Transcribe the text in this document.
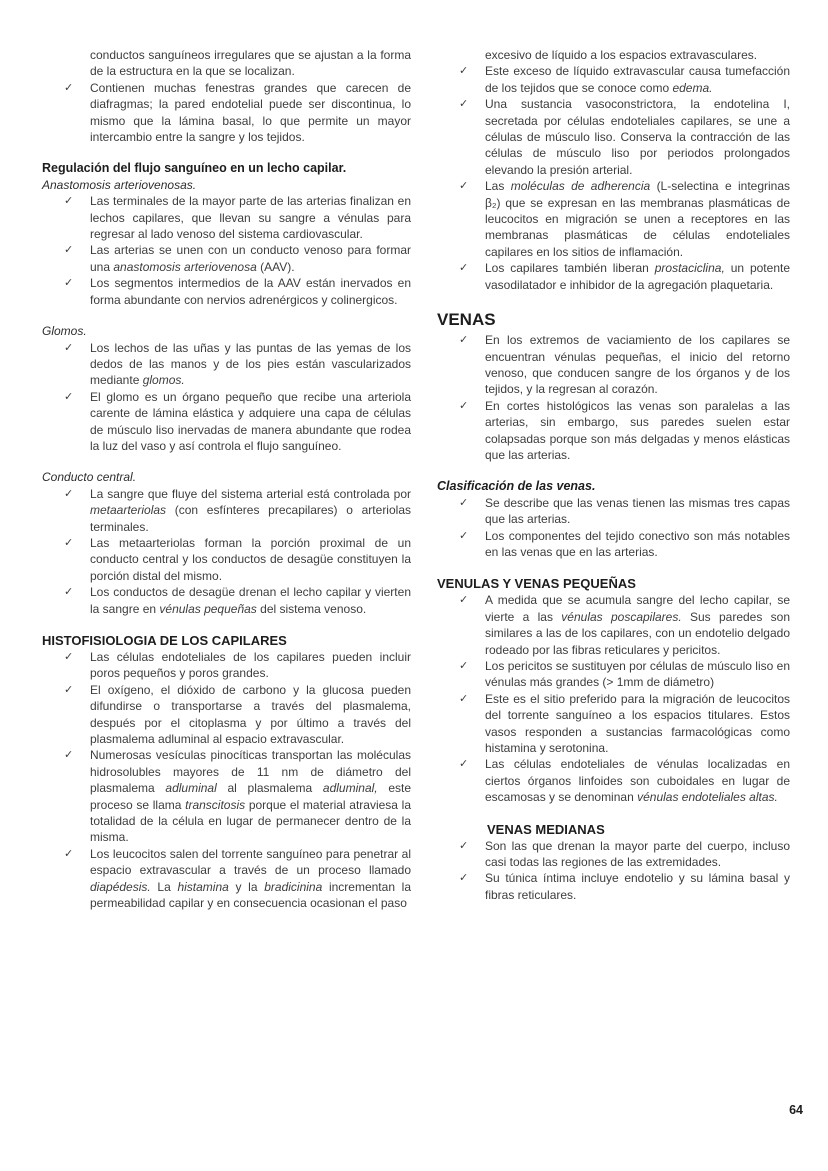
conductos sanguíneos irregulares que se ajustan a la forma de la estructura en la que se localizan.

✓ Contienen muchas fenestras grandes que carecen de diafragmas; la pared endotelial puede ser discontinua, lo mismo que la lámina basal, lo que permite un mayor intercambio entre la sangre y los tejidos.

Regulación del flujo sanguíneo en un lecho capilar.
Anastomosis arteriovenosas.
✓ Las terminales de la mayor parte de las arterias finalizan en lechos capilares, que llevan su sangre a vénulas para regresar al lado venoso del sistema cardiovascular.

✓ Las arterias se unen con un conducto venoso para formar una anastomosis arteriovenosa (AAV).

✓ Los segmentos intermedios de la AAV están inervados en forma abundante con nervios adrenérgicos y colinergicos.

Glomos.
✓ Los lechos de las uñas y las puntas de las yemas de los dedos de las manos y de los pies están vascularizados mediante glomos.

✓ El glomo es un órgano pequeño que recibe una arteriola carente de lámina elástica y adquiere una capa de células de músculo liso inervadas de manera abundante que rodea la luz del vaso y así controla el flujo sanguíneo.

Conducto central.
✓ La sangre que fluye del sistema arterial está controlada por metaarteriolas (con esfínteres precapilares) o arteriolas terminales.

✓ Las metaarteriolas forman la porción proximal de un conducto central y los conductos de desagüe constituyen la porción distal del mismo.

✓ Los conductos de desagüe drenan el lecho capilar y vierten la sangre en vénulas pequeñas del sistema venoso.

HISTOFISIOLOGIA DE LOS CAPILARES
✓ Las células endoteliales de los capilares pueden incluir poros pequeños y poros grandes.

✓ El oxígeno, el dióxido de carbono y la glucosa pueden difundirse o transportarse a través del plasmalema, después por el citoplasma y por último a través del plasmalema adluminal al espacio extravascular.

✓ Numerosas vesículas pinocíticas transportan las moléculas hidrosolubles mayores de 11 nm de diámetro del plasmalema adluminal al plasmalema adluminal, este proceso se llama transcitosis porque el material atraviesa la totalidad de la célula en lugar de permanecer dentro de la misma.

✓ Los leucocitos salen del torrente sanguíneo para penetrar al espacio extravascular a través de un proceso llamado diapédesis. La histamina y la bradicinina incrementan la permeabilidad capilar y en consecuencia ocasionan el paso

excesivo de líquido a los espacios extravasculares.

✓ Este exceso de líquido extravascular causa tumefacción de los tejidos que se conoce como edema.

✓ Una sustancia vasoconstrictora, la endotelina I, secretada por células endoteliales capilares, se une a células de músculo liso. Conserva la contracción de las células de músculo liso por periodos prolongados elevando la presión arterial.

✓ Las moléculas de adherencia (L-selectina e integrinas β₂) que se expresan en las membranas plasmáticas de leucocitos en migración se unen a receptores en las membranas plasmáticas de células endoteliales capilares en los sitios de inflamación.

✓ Los capilares también liberan prostaciclina, un potente vasodilatador e inhibidor de la agregación plaquetaria.

VENAS
✓ En los extremos de vaciamiento de los capilares se encuentran vénulas pequeñas, el inicio del retorno venoso, que conducen sangre de los órganos y de los tejidos, y la regresan al corazón.

✓ En cortes histológicos las venas son paralelas a las arterias, sin embargo, sus paredes suelen estar colapsadas porque son más delgadas y menos elásticas que las arterias.

Clasificación de las venas.
✓ Se describe que las venas tienen las mismas tres capas que las arterias.

✓ Los componentes del tejido conectivo son más notables en las venas que en las arterias.

VENULAS Y VENAS PEQUEÑAS
✓ A medida que se acumula sangre del lecho capilar, se vierte a las vénulas poscapilares. Sus paredes son similares a las de los capilares, con un endotelio delgado rodeado por las fibras reticulares y pericitos.

✓ Los pericitos se sustituyen por células de músculo liso en vénulas más grandes (> 1mm de diámetro)

✓ Este es el sitio preferido para la migración de leucocitos del torrente sanguíneo a los espacios titulares. Estos vasos responden a sustancias farmacológicas como histamina y serotonina.

✓ Las células endoteliales de vénulas localizadas en ciertos órganos linfoides son cuboidales en lugar de escamosas y se denominan vénulas endoteliales altas.

VENAS MEDIANAS
✓ Son las que drenan la mayor parte del cuerpo, incluso casi todas las regiones de las extremidades.

✓ Su túnica íntima incluye endotelio y su lámina basal y fibras reticulares.

64
